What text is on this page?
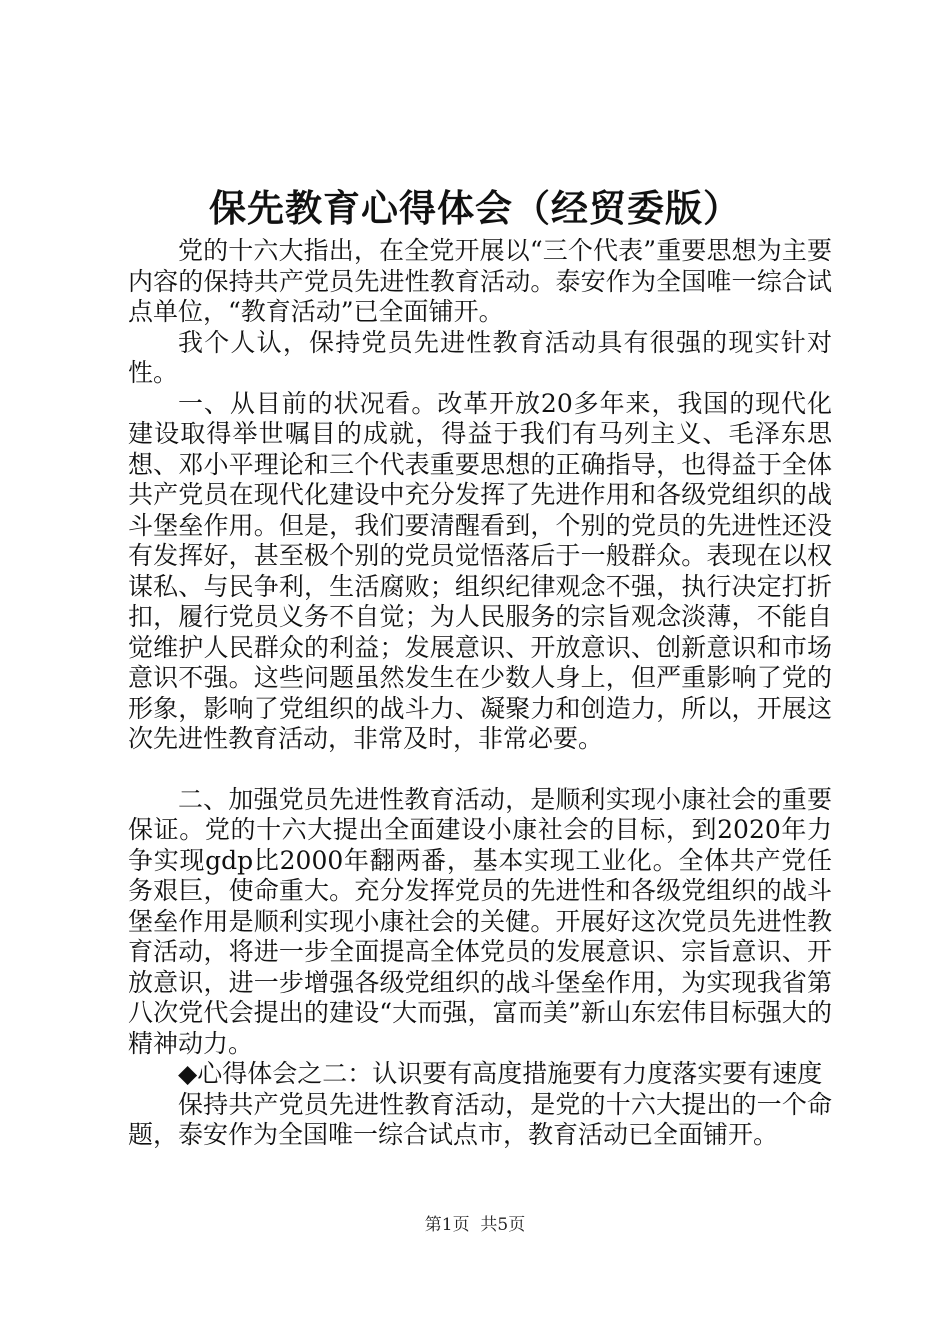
保先教育心得体会（经贸委版）

党的十六大指出，在全党开展以“三个代表”重要思想为主要内容的保持共产党员先进性教育活动。泰安作为全国唯一综合试点单位，“教育活动”已全面铺开。

我个人认，保持党员先进性教育活动具有很强的现实针对性。

一、从目前的状况看。改革开放20多年来，我国的现代化建设取得举世嘱目的成就，得益于我们有马列主义、毛泽东思想、邓小平理论和三个代表重要思想的正确指导，也得益于全体共产党员在现代化建设中充分发挥了先进作用和各级党组织的战斗堡垒作用。但是，我们要清醒看到，个别的党员的先进性还没有发挥好，甚至极个别的党员觉悟落后于一般群众。表现在以权谋私、与民争利，生活腐败；组织纪律观念不强，执行决定打折扣，履行党员义务不自觉；为人民服务的宗旨观念淡薄，不能自觉维护人民群众的利益；发展意识、开放意识、创新意识和市场意识不强。这些问题虽然发生在少数人身上，但严重影响了党的形象，影响了党组织的战斗力、凝聚力和创造力，所以，开展这次先进性教育活动，非常及时，非常必要。

二、加强党员先进性教育活动，是顺利实现小康社会的重要保证。党的十六大提出全面建设小康社会的目标，到2020年力争实现gdp比2000年翻两番，基本实现工业化。全体共产党任务艰巨，使命重大。充分发挥党员的先进性和各级党组织的战斗堡垒作用是顺利实现小康社会的关健。开展好这次党员先进性教育活动，将进一步全面提高全体党员的发展意识、宗旨意识、开放意识，进一步增强各级党组织的战斗堡垒作用，为实现我省第八次党代会提出的建设“大而强，富而美”新山东宏伟目标强大的精神动力。

◆心得体会之二：认识要有高度措施要有力度落实要有速度

保持共产党员先进性教育活动，是党的十六大提出的一个命题，泰安作为全国唯一综合试点市，教育活动已全面铺开。

第1页 共5页
